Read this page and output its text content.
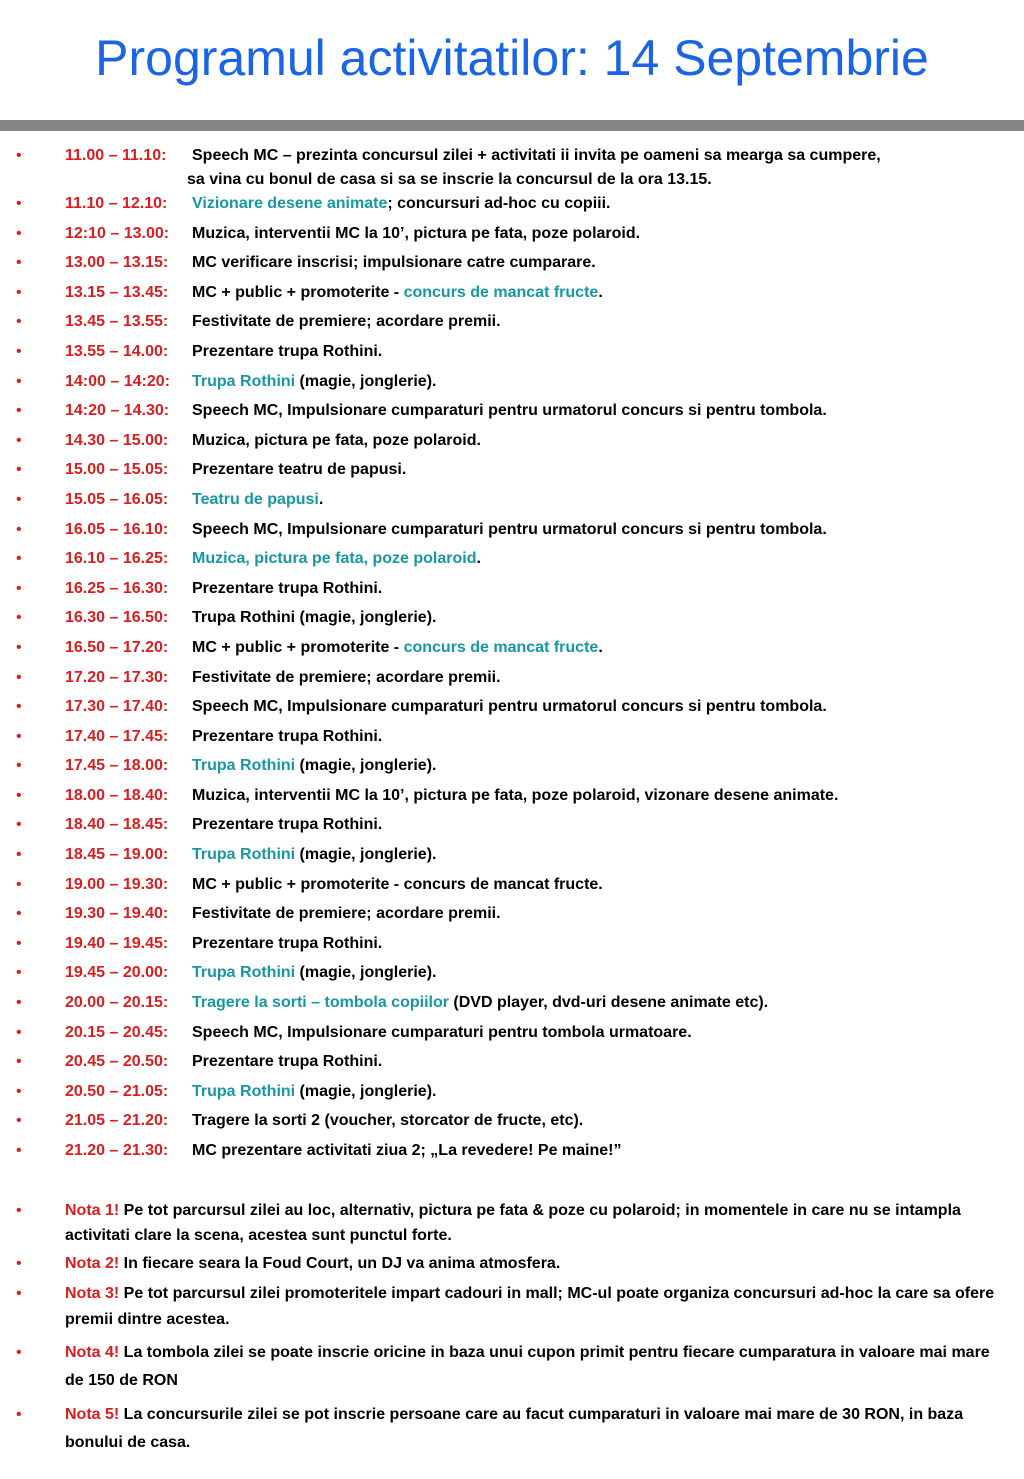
Programul activitatilor: 14 Septembrie
•	11.00 – 11.10:	Speech MC – prezinta concursul zilei + activitati ii invita pe oameni sa mearga sa cumpere,
sa vina cu bonul de casa si sa se inscrie la concursul de la ora 13.15.
•	11.10 – 12.10: Vizionare desene animate; concursuri ad-hoc cu copiii.
•	12:10 – 13.00: Muzica, interventii MC la 10’, pictura pe fata, poze polaroid.
•	13.00 – 13.15: MC verificare inscrisi; impulsionare catre cumparare.
•	13.15 – 13.45: MC + public + promoterite - concurs de mancat fructe.
•	13.45 – 13.55: Festivitate de premiere; acordare premii.
•	13.55 – 14.00: Prezentare trupa Rothini.
•	14:00 – 14:20: Trupa Rothini (magie, jonglerie).
•	14:20 – 14.30: Speech MC, Impulsionare cumparaturi pentru urmatorul concurs si pentru tombola.
•	14.30 – 15.00: Muzica, pictura pe fata, poze polaroid.
•	15.00 – 15.05: Prezentare teatru de papusi.
•	15.05 – 16.05: Teatru de papusi.
•	16.05 – 16.10: Speech MC, Impulsionare cumparaturi pentru urmatorul concurs si pentru tombola.
•	16.10 – 16.25: Muzica, pictura pe fata, poze polaroid.
•	16.25 – 16.30: Prezentare trupa Rothini.
•	16.30 – 16.50: Trupa Rothini (magie, jonglerie).
•	16.50 – 17.20: MC + public + promoterite - concurs de mancat fructe.
•	17.20 – 17.30: Festivitate de premiere; acordare premii.
•	17.30 – 17.40: Speech MC, Impulsionare cumparaturi pentru urmatorul concurs si pentru tombola.
•	17.40 – 17.45: Prezentare trupa Rothini.
•	17.45 – 18.00: Trupa Rothini (magie, jonglerie).
•	18.00 – 18.40: Muzica, interventii MC la 10’, pictura pe fata, poze polaroid, vizonare desene animate.
•	18.40 – 18.45: Prezentare trupa Rothini.
•	18.45 – 19.00: Trupa Rothini (magie, jonglerie).
•	19.00 – 19.30: MC + public + promoterite - concurs de mancat fructe.
•	19.30 – 19.40: Festivitate de premiere; acordare premii.
•	19.40 – 19.45: Prezentare trupa Rothini.
•	19.45 – 20.00: Trupa Rothini (magie, jonglerie).
•	20.00 – 20.15: Tragere la sorti – tombola copiilor (DVD player, dvd-uri desene animate etc).
•	20.15 – 20.45: Speech MC, Impulsionare cumparaturi pentru tombola urmatoare.
•	20.45 – 20.50: Prezentare trupa Rothini.
•	20.50 – 21.05: Trupa Rothini (magie, jonglerie).
•	21.05 – 21.20: Tragere la sorti 2 (voucher, storcator de fructe, etc).
•	21.20 – 21.30: MC prezentare activitati ziua 2; „La revedere! Pe maine!”
•	Nota 1! Pe tot parcursul zilei au loc, alternativ, pictura pe fata & poze cu polaroid; in momentele in care nu se intampla activitati clare la scena, acestea sunt punctul forte.
•	Nota 2! In fiecare seara la Foud Court, un DJ va anima atmosfera.
•	Nota 3! Pe tot parcursul zilei promoteritele impart cadouri in mall; MC-ul poate organiza concursuri ad-hoc la care sa ofere premii dintre acestea.
•	Nota 4! La tombola zilei se poate inscrie oricine in baza unui cupon primit pentru fiecare cumparatura in valoare mai mare de 150 de RON
•	Nota 5! La concursurile zilei se pot inscrie persoane care au facut cumparaturi in valoare mai mare de 30 RON, in baza bonului de casa.
